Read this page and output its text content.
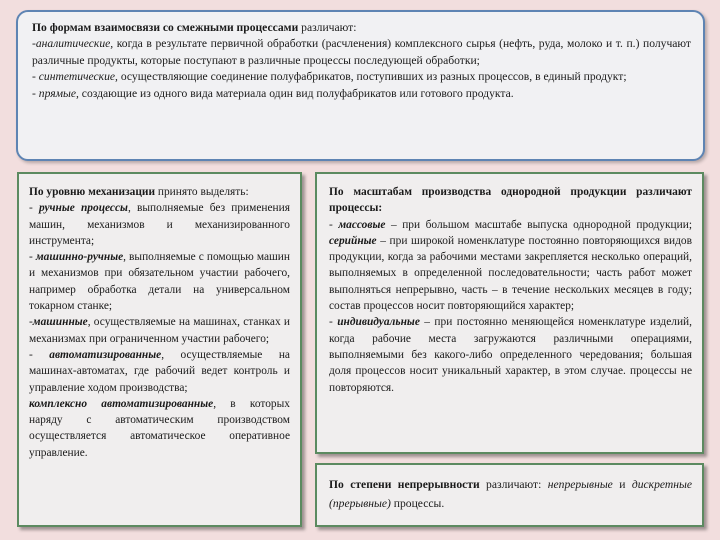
По формам взаимосвязи со смежными процессами различают:

-аналитические, когда в результате первичной обработки (расчленения) комплексного сырья (нефть, руда, молоко и т. п.) получают различные продукты, которые поступают в различные процессы последующей обработки;

- синтетические, осуществляющие соединение полуфабрикатов, поступивших из разных процессов, в единый продукт;

- прямые, создающие из одного вида материала один вид полуфабрикатов или готового продукта.

По уровню механизации принято выделять:

- ручные процессы, выполняемые без применения машин, механизмов и механизированного инструмента;

- машинно-ручные, выполняемые с помощью машин и механизмов при обязательном участии рабочего, например обработка детали на универсальном токарном станке;

-машинные, осуществляемые на машинах, станках и механизмах при ограниченном участии рабочего;

- автоматизированные, осуществляемые на машинах-автоматах, где рабочий ведет контроль и управление ходом производства;

комплексно автоматизированные, в которых наряду с автоматическим производством осуществляется автоматическое оперативное управление.

По масштабам производства однородной продукции различают процессы:

- массовые – при большом масштабе выпуска однородной продукции; серийные – при широкой номенклатуре постоянно повторяющихся видов продукции, когда за рабочими местами закрепляется несколько операций, выполняемых в определенной последовательности; часть работ может выполняться непрерывно, часть – в течение нескольких месяцев в году; состав процессов носит повторяющийся характер;

- индивидуальные – при постоянно меняющейся номенклатуре изделий, когда рабочие места загружаются различными операциями, выполняемыми без какого-либо определенного чередования; большая доля процессов носит уникальный характер, в этом случае. процессы не повторяются.

По степени непрерывности различают: непрерывные и дискретные (прерывные) процессы.
